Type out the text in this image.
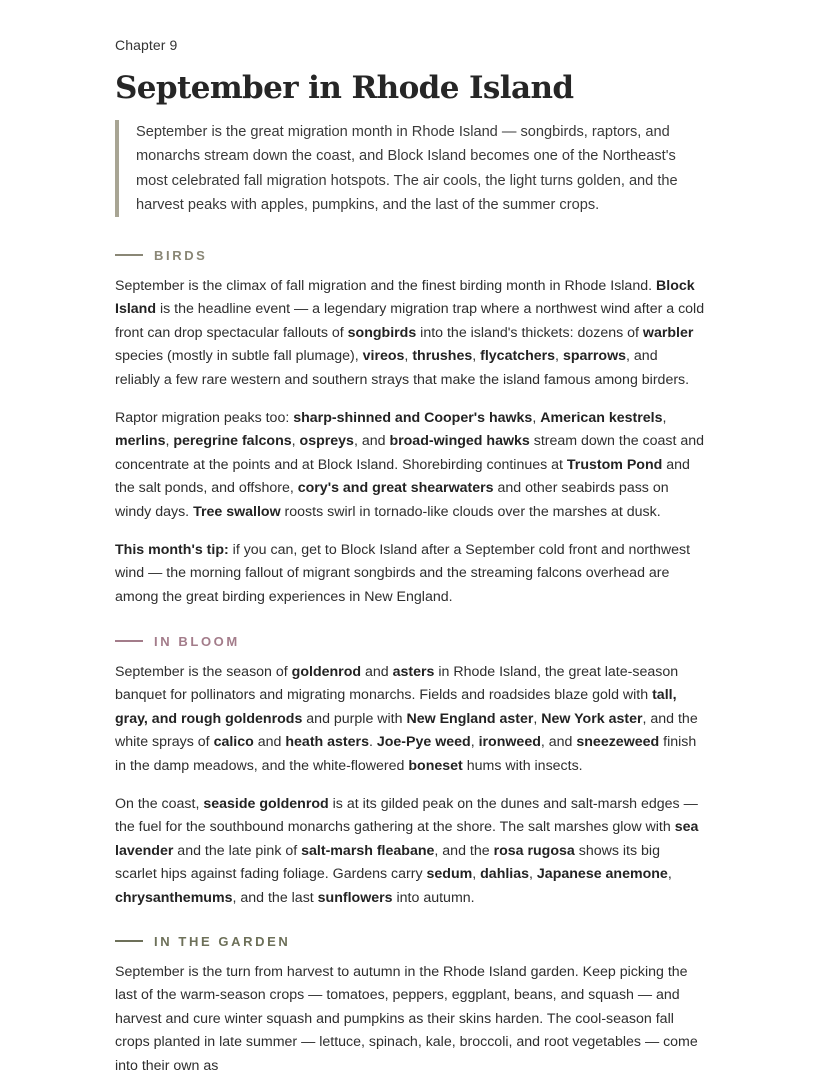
Chapter 9
September in Rhode Island
September is the great migration month in Rhode Island — songbirds, raptors, and monarchs stream down the coast, and Block Island becomes one of the Northeast's most celebrated fall migration hotspots. The air cools, the light turns golden, and the harvest peaks with apples, pumpkins, and the last of the summer crops.
BIRDS

September is the climax of fall migration and the finest birding month in Rhode Island. Block Island is the headline event — a legendary migration trap where a northwest wind after a cold front can drop spectacular fallouts of songbirds into the island's thickets: dozens of warbler species (mostly in subtle fall plumage), vireos, thrushes, flycatchers, sparrows, and reliably a few rare western and southern strays that make the island famous among birders.

Raptor migration peaks too: sharp-shinned and Cooper's hawks, American kestrels, merlins, peregrine falcons, ospreys, and broad-winged hawks stream down the coast and concentrate at the points and at Block Island. Shorebirding continues at Trustom Pond and the salt ponds, and offshore, cory's and great shearwaters and other seabirds pass on windy days. Tree swallow roosts swirl in tornado-like clouds over the marshes at dusk.

This month's tip: if you can, get to Block Island after a September cold front and northwest wind — the morning fallout of migrant songbirds and the streaming falcons overhead are among the great birding experiences in New England.

IN BLOOM

September is the season of goldenrod and asters in Rhode Island, the great late-season banquet for pollinators and migrating monarchs. Fields and roadsides blaze gold with tall, gray, and rough goldenrods and purple with New England aster, New York aster, and the white sprays of calico and heath asters. Joe-Pye weed, ironweed, and sneezeweed finish in the damp meadows, and the white-flowered boneset hums with insects.

On the coast, seaside goldenrod is at its gilded peak on the dunes and salt-marsh edges — the fuel for the southbound monarchs gathering at the shore. The salt marshes glow with sea lavender and the late pink of salt-marsh fleabane, and the rosa rugosa shows its big scarlet hips against fading foliage. Gardens carry sedum, dahlias, Japanese anemone, chrysanthemums, and the last sunflowers into autumn.

IN THE GARDEN

September is the turn from harvest to autumn in the Rhode Island garden. Keep picking the last of the warm-season crops — tomatoes, peppers, eggplant, beans, and squash — and harvest and cure winter squash and pumpkins as their skins harden. The cool-season fall crops planted in late summer — lettuce, spinach, kale, broccoli, and root vegetables — come into their own as
